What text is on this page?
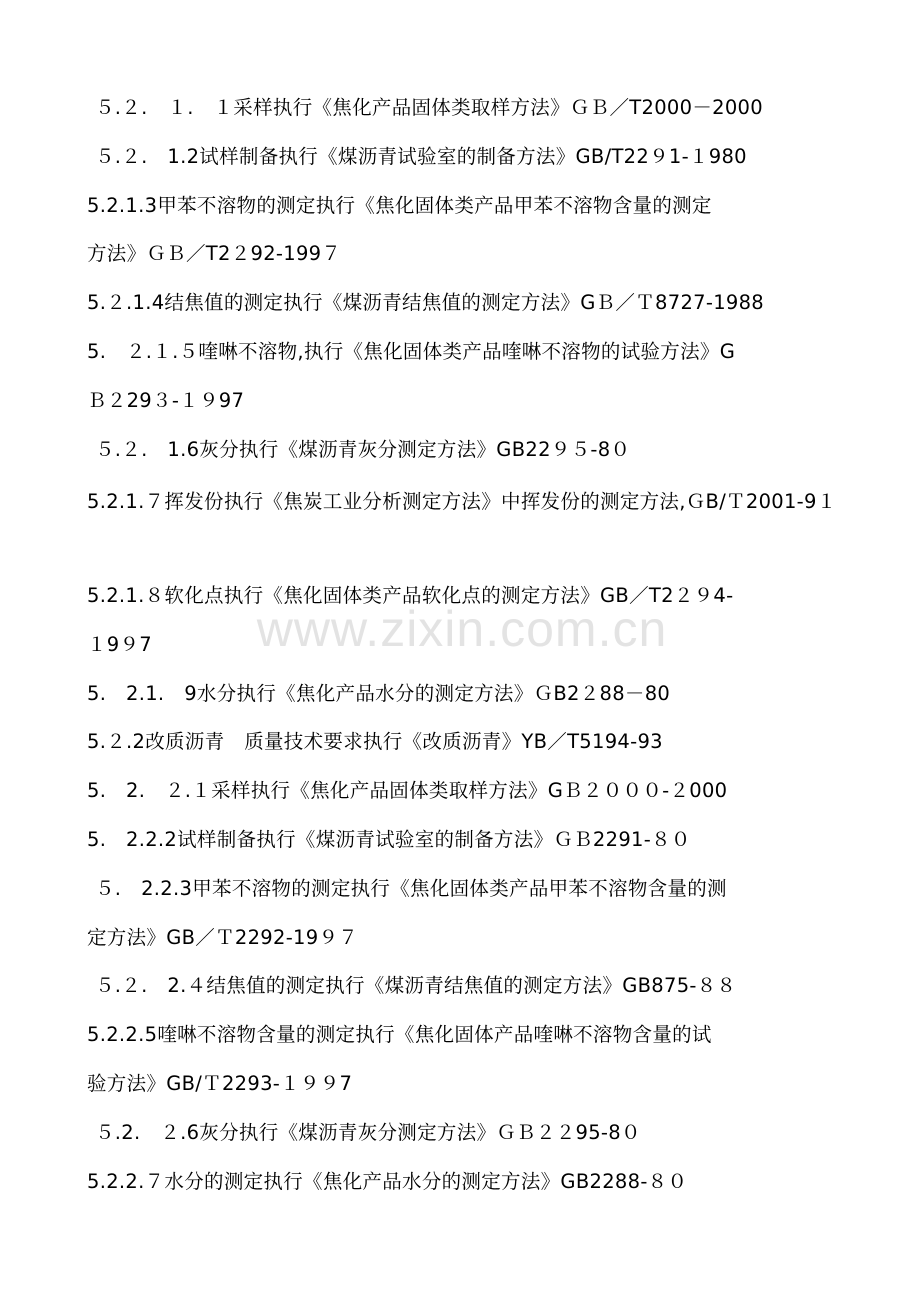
www.zixin.com.cn
５.２.　１.　１采样执行《焦化产品固体类取样方法》ＧＢ／T2000－2000
５.２.　1.2试样制备执行《煤沥青试验室的制备方法》GB/T22９1-１980
5.2.1.3甲苯不溶物的测定执行《焦化固体类产品甲苯不溶物含量的测定
方法》ＧＢ／T2２92-199７
5.２.1.4结焦值的测定执行《煤沥青结焦值的测定方法》GＢ／Ｔ8727-1988
5.　２.１.５喹啉不溶物,执行《焦化固体类产品喹啉不溶物的试验方法》G
Ｂ２29３-１９97
５.２.　1.6灰分执行《煤沥青灰分测定方法》GB22９５-8０
5.2.1.７挥发份执行《焦炭工业分析测定方法》中挥发份的测定方法,ＧB/Ｔ2001-9１
5.2.1.８软化点执行《焦化固体类产品软化点的测定方法》GB／T2２９4-
１9９7
5.　2.1.　9水分执行《焦化产品水分的测定方法》ＧB2２88－80
5.２.2改质沥青　质量技术要求执行《改质沥青》YB／T5194-93
5.　2.　２.１采样执行《焦化产品固体类取样方法》GＢ２０００-２000
5.　2.2.2试样制备执行《煤沥青试验室的制备方法》ＧＢ2291-８０
５.　2.2.3甲苯不溶物的测定执行《焦化固体类产品甲苯不溶物含量的测
定方法》GB／Ｔ2292-19９７
５.２.　2.４结焦值的测定执行《煤沥青结焦值的测定方法》GB875-８８
5.2.2.5喹啉不溶物含量的测定执行《焦化固体产品喹啉不溶物含量的试
验方法》GB/Ｔ2293-１９９7
５.2.　２.6灰分执行《煤沥青灰分测定方法》ＧＢ２２95-8０
5.2.2.７水分的测定执行《焦化产品水分的测定方法》GB2288-８０
